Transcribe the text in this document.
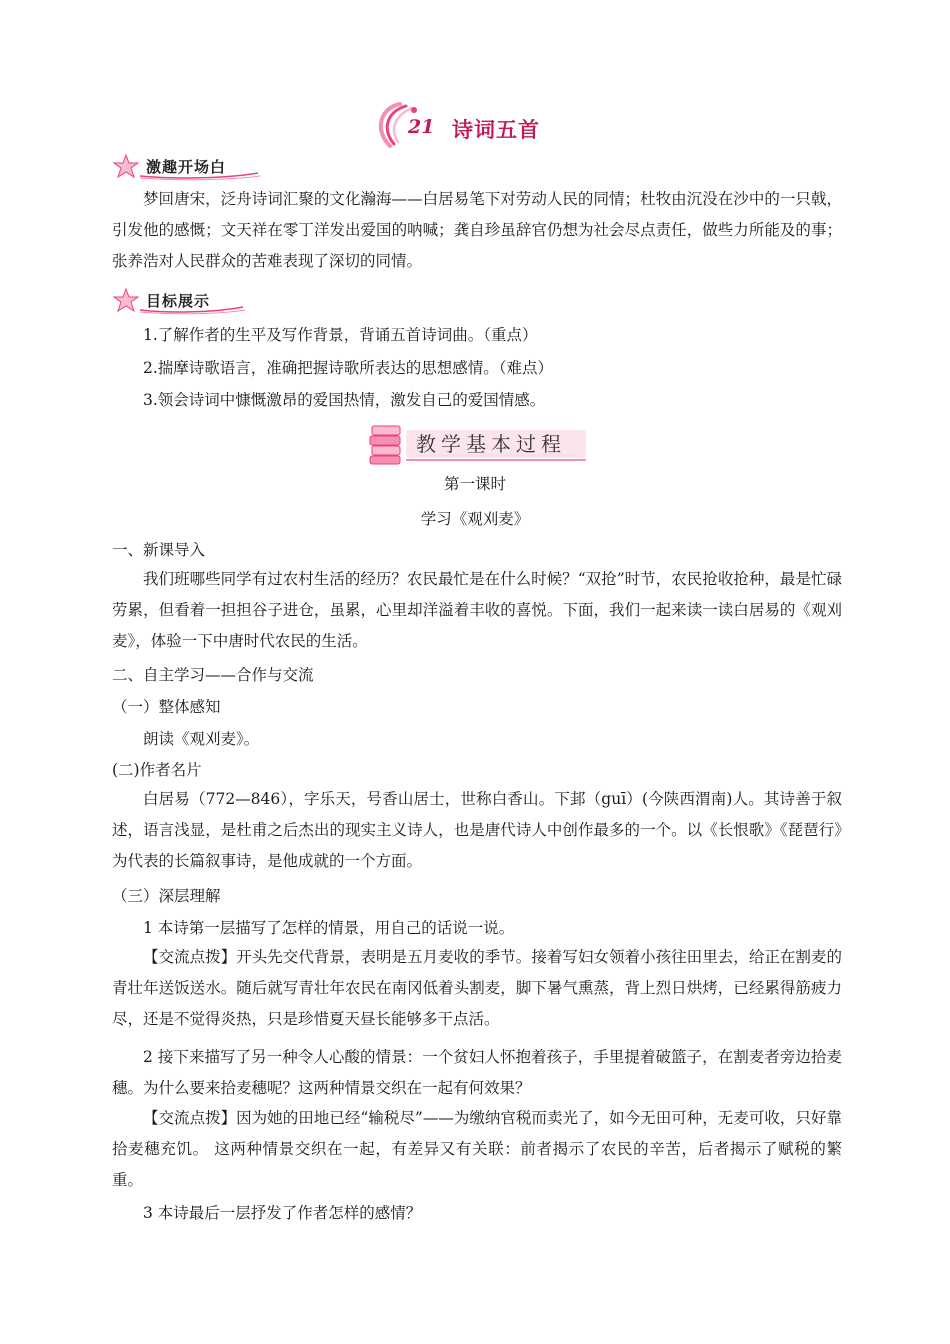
21 诗词五首
激趣开场白
梦回唐宋，泛舟诗词汇聚的文化瀚海——白居易笔下对劳动人民的同情；杜牧由沉没在沙中的一只戟，引发他的感慨；文天祥在零丁洋发出爱国的呐喊；龚自珍虽辞官仍想为社会尽点责任，做些力所能及的事；张养浩对人民群众的苦难表现了深切的同情。
目标展示
1.了解作者的生平及写作背景，背诵五首诗词曲。（重点）
2.揣摩诗歌语言，准确把握诗歌所表达的思想感情。（难点）
3.领会诗词中慷慨激昂的爱国热情，激发自己的爱国情感。
教学基本过程
第一课时
学习《观刈麦》
一、新课导入
我们班哪些同学有过农村生活的经历？农民最忙是在什么时候？“双抢”时节，农民抢收抢种，最是忙碌劳累，但看着一担担谷子进仓，虽累，心里却洋溢着丰收的喜悦。下面，我们一起来读一读白居易的《观刈麦》，体验一下中唐时代农民的生活。
二、自主学习——合作与交流
（一）整体感知
朗读《观刈麦》。
(二)作者名片
白居易（772—846），字乐天，号香山居士，世称白香山。下邽（guī）(今陕西渭南)人。其诗善于叙述，语言浅显，是杜甫之后杰出的现实主义诗人，也是唐代诗人中创作最多的一个。以《长恨歌》《琵琶行》为代表的长篇叙事诗，是他成就的一个方面。
（三）深层理解
1 本诗第一层描写了怎样的情景，用自己的话说一说。
【交流点拨】开头先交代背景，表明是五月麦收的季节。接着写妇女领着小孩往田里去，给正在割麦的青壮年送饭送水。随后就写青壮年农民在南冈低着头割麦，脚下暑气熏蒸，背上烈日烘烤，已经累得筋疲力尽，还是不觉得炎热，只是珍惜夏天昼长能够多干点活。
2 接下来描写了另一种令人心酸的情景：一个贫妇人怀抱着孩子，手里提着破篮子，在割麦者旁边拾麦穗。为什么要来拾麦穗呢？这两种情景交织在一起有何效果？
【交流点拨】因为她的田地已经“输税尽”——为缴纳官税而卖光了，如今无田可种，无麦可收，只好靠拾麦穗充饥。 这两种情景交织在一起，有差异又有关联：前者揭示了农民的辛苦，后者揭示了赋税的繁重。
3 本诗最后一层抒发了作者怎样的感情？
